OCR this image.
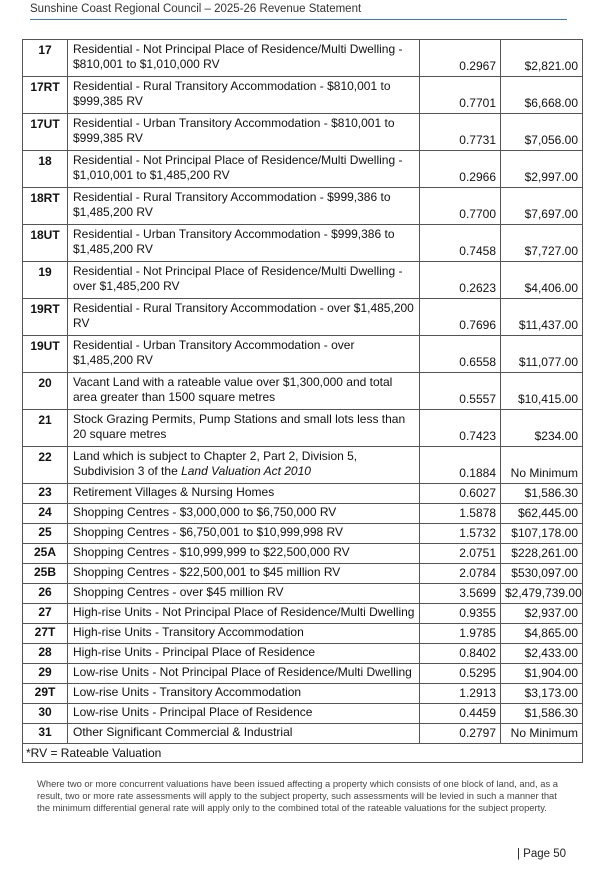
Sunshine Coast Regional Council – 2025-26 Revenue Statement
17	Residential - Not Principal Place of Residence/Multi Dwelling - $810,001 to $1,010,000 RV	0.2967	$2,821.00
17RT	Residential - Rural Transitory Accommodation - $810,001 to $999,385 RV	0.7701	$6,668.00
17UT	Residential - Urban Transitory Accommodation - $810,001 to $999,385 RV	0.7731	$7,056.00
18	Residential - Not Principal Place of Residence/Multi Dwelling - $1,010,001 to $1,485,200 RV	0.2966	$2,997.00
18RT	Residential - Rural Transitory Accommodation - $999,386 to $1,485,200 RV	0.7700	$7,697.00
18UT	Residential - Urban Transitory Accommodation - $999,386 to $1,485,200 RV	0.7458	$7,727.00
19	Residential - Not Principal Place of Residence/Multi Dwelling - over $1,485,200 RV	0.2623	$4,406.00
19RT	Residential - Rural Transitory Accommodation - over $1,485,200 RV	0.7696	$11,437.00
19UT	Residential - Urban Transitory Accommodation - over $1,485,200 RV	0.6558	$11,077.00
20	Vacant Land with a rateable value over $1,300,000 and total area greater than 1500 square metres	0.5557	$10,415.00
21	Stock Grazing Permits, Pump Stations and small lots less than 20 square metres	0.7423	$234.00
22	Land which is subject to Chapter 2, Part 2, Division 5, Subdivision 3 of the Land Valuation Act 2010	0.1884	No Minimum
23	Retirement Villages & Nursing Homes	0.6027	$1,586.30
24	Shopping Centres - $3,000,000 to $6,750,000 RV	1.5878	$62,445.00
25	Shopping Centres - $6,750,001 to $10,999,998 RV	1.5732	$107,178.00
25A	Shopping Centres - $10,999,999 to $22,500,000 RV	2.0751	$228,261.00
25B	Shopping Centres - $22,500,001 to $45 million RV	2.0784	$530,097.00
26	Shopping Centres - over $45 million RV	3.5699	$2,479,739.00
27	High-rise Units - Not Principal Place of Residence/Multi Dwelling	0.9355	$2,937.00
27T	High-rise Units - Transitory Accommodation	1.9785	$4,865.00
28	High-rise Units - Principal Place of Residence	0.8402	$2,433.00
29	Low-rise Units - Not Principal Place of Residence/Multi Dwelling	0.5295	$1,904.00
29T	Low-rise Units - Transitory Accommodation	1.2913	$3,173.00
30	Low-rise Units - Principal Place of Residence	0.4459	$1,586.30
31	Other Significant Commercial & Industrial	0.2797	No Minimum
*RV = Rateable Valuation			
Where two or more concurrent valuations have been issued affecting a property which consists of one block of land, and, as a result, two or more rate assessments will apply to the subject property, such assessments will be levied in such a manner that the minimum differential general rate will apply only to the combined total of the rateable valuations for the subject property.
| Page 50
